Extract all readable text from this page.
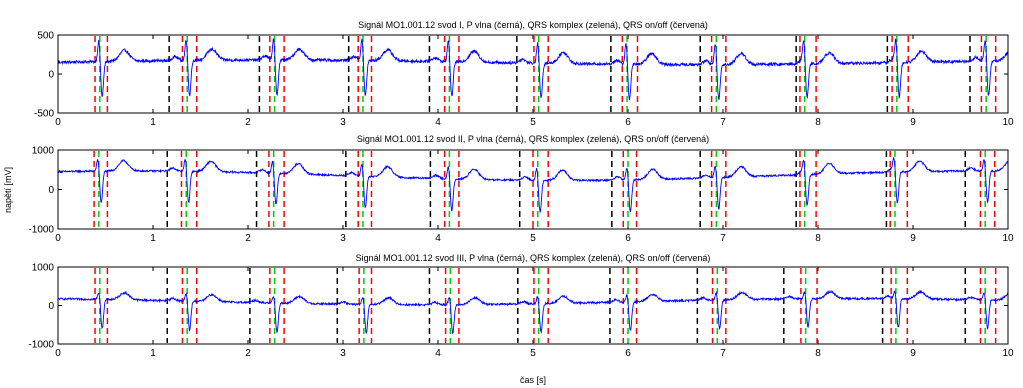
Signál MO1.001.12 svod I, P vlna (černá), QRS komplex (zelená), QRS on/off (červená)
0	1	2	3	4	5	6	7	8	9	10
-500
0
500
Signál MO1.001.12 svod II, P vlna (černá), QRS komplex (zelená), QRS on/off (červená)
0	1	2	3	4	5	6	7	8	9	10
-1000
0
1000
Signál MO1.001.12 svod III, P vlna (černá), QRS komplex (zelená), QRS on/off (červená)
0	1	2	3	4	5	6	7	8	9	10
-1000
0
1000
napětí [mV]
čas [s]
